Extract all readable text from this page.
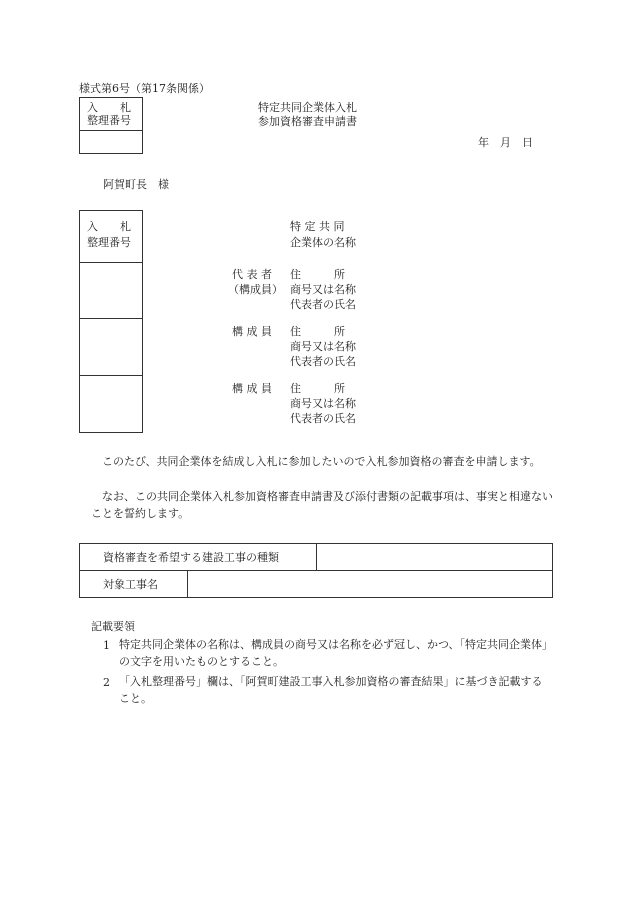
様式第6号（第17条関係）
入　　札
整理番号
特定共同企業体入札
参加資格審査申請書
年　月　日
阿賀町長　様
入　　札
整理番号
特 定 共 同
企業体の名称
代 表 者
（構成員）
住　　　所
商号又は名称
代表者の氏名
構 成 員 住　　　所
商号又は名称
代表者の氏名
構 成 員 住　　　所
商号又は名称
代表者の氏名
このたび、共同企業体を結成し入札に参加したいので入札参加資格の審査を申請します。
なお、この共同企業体入札参加資格審査申請書及び添付書類の記載事項は、事実と相違ないことを誓約します。
資格審査を希望する建設工事の種類
対象工事名
記載要領
1 特定共同企業体の名称は、構成員の商号又は名称を必ず冠し、かつ、「特定共同企業体」の文字を用いたものとすること。
2 「入札整理番号」欄は、「阿賀町建設工事入札参加資格の審査結果」に基づき記載すること。
